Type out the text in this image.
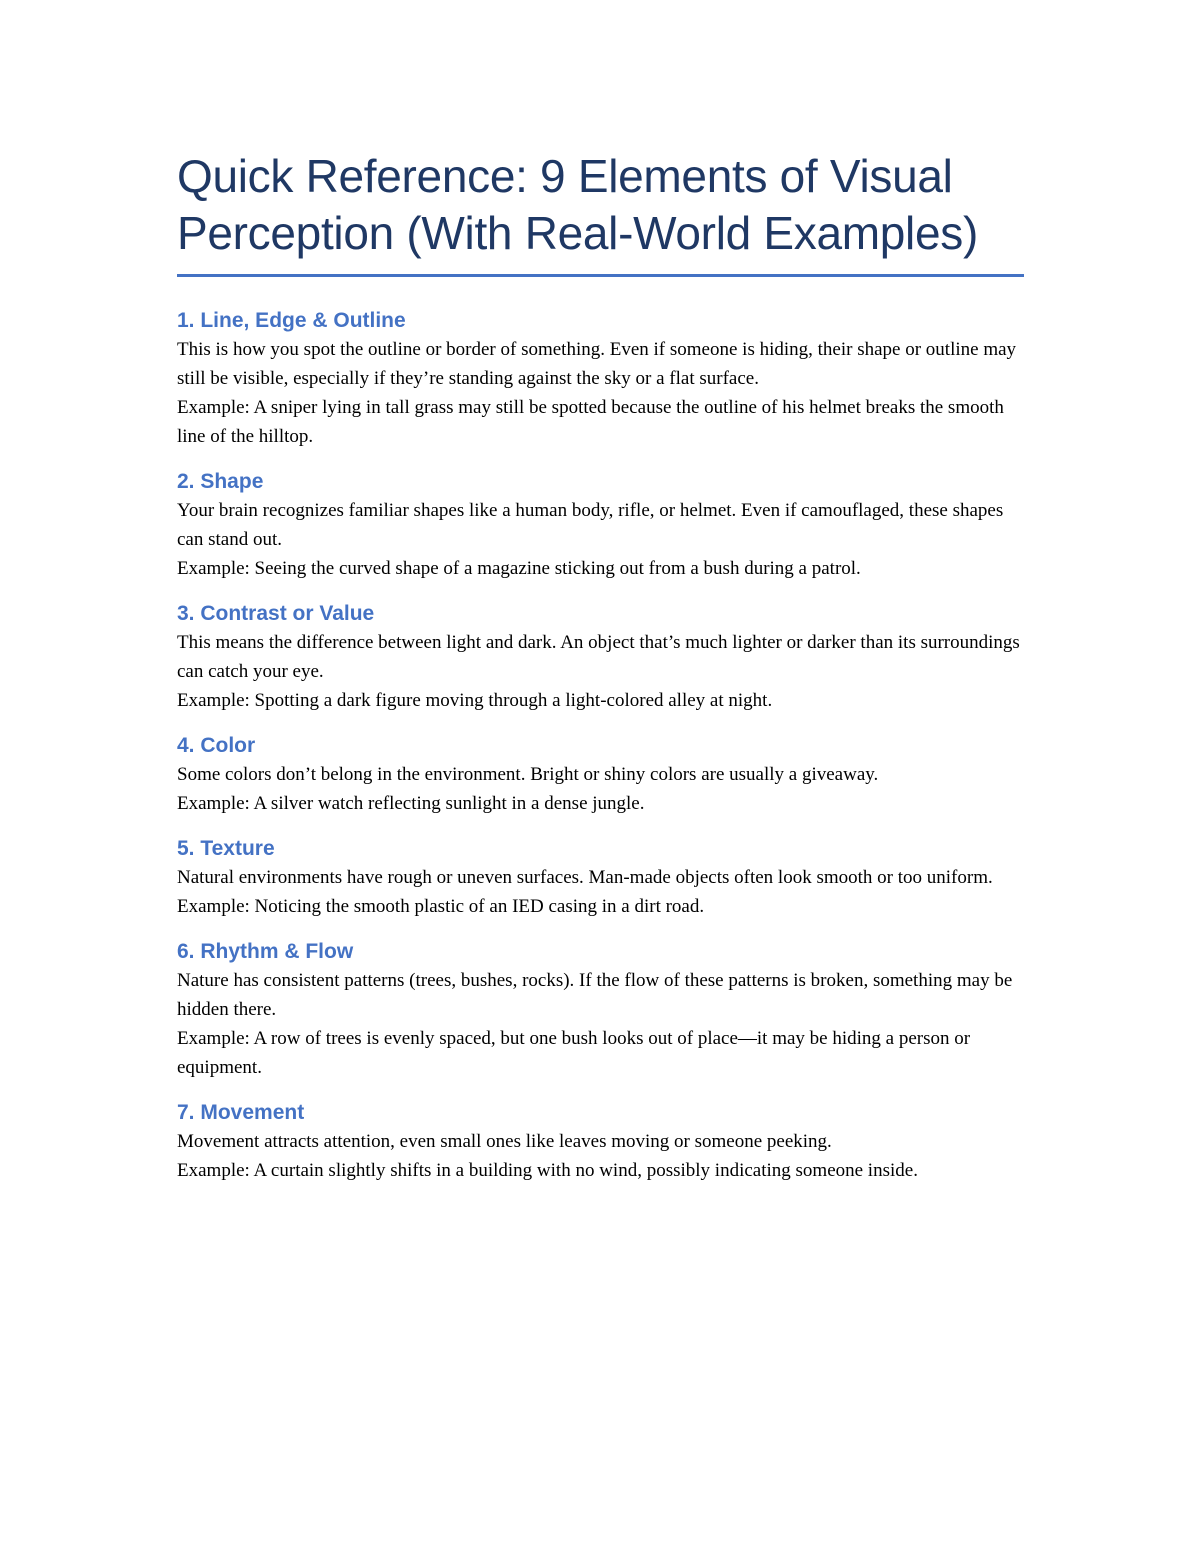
Quick Reference: 9 Elements of Visual
Perception (With Real-World Examples)
1. Line, Edge & Outline

This is how you spot the outline or border of something. Even if someone is hiding, their shape or outline may still be visible, especially if they’re standing against the sky or a flat surface.

Example: A sniper lying in tall grass may still be spotted because the outline of his helmet breaks the smooth line of the hilltop.

2. Shape

Your brain recognizes familiar shapes like a human body, rifle, or helmet. Even if camouflaged, these shapes can stand out.

Example: Seeing the curved shape of a magazine sticking out from a bush during a patrol.

3. Contrast or Value

This means the difference between light and dark. An object that’s much lighter or darker than its surroundings can catch your eye.

Example: Spotting a dark figure moving through a light-colored alley at night.

4. Color

Some colors don’t belong in the environment. Bright or shiny colors are usually a giveaway.

Example: A silver watch reflecting sunlight in a dense jungle.

5. Texture

Natural environments have rough or uneven surfaces. Man-made objects often look smooth or too uniform.

Example: Noticing the smooth plastic of an IED casing in a dirt road.

6. Rhythm & Flow

Nature has consistent patterns (trees, bushes, rocks). If the flow of these patterns is broken, something may be hidden there.

Example: A row of trees is evenly spaced, but one bush looks out of place—it may be hiding a person or equipment.

7. Movement

Movement attracts attention, even small ones like leaves moving or someone peeking.

Example: A curtain slightly shifts in a building with no wind, possibly indicating someone inside.
